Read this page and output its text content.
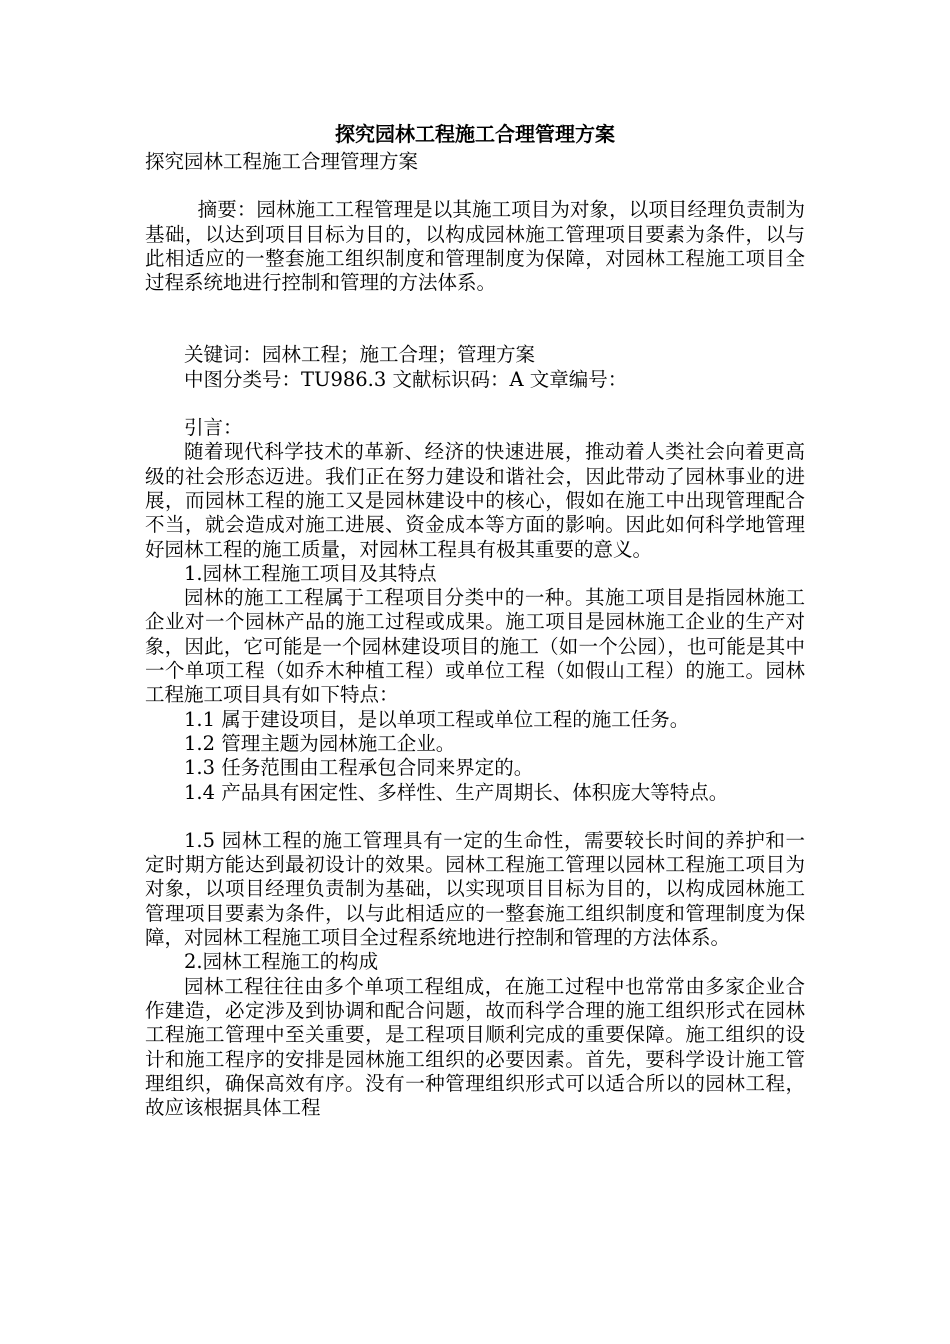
探究园林工程施工合理管理方案
探究园林工程施工合理管理方案
摘要：园林施工工程管理是以其施工项目为对象，以项目经理负责制为基础，以达到项目目标为目的，以构成园林施工管理项目要素为条件，以与此相适应的一整套施工组织制度和管理制度为保障，对园林工程施工项目全过程系统地进行控制和管理的方法体系。
关键词：园林工程；施工合理；管理方案
中图分类号：TU986.3 文献标识码：A 文章编号：
引言：
随着现代科学技术的革新、经济的快速进展，推动着人类社会向着更高级的社会形态迈进。我们正在努力建设和谐社会，因此带动了园林事业的进展，而园林工程的施工又是园林建设中的核心，假如在施工中出现管理配合不当，就会造成对施工进展、资金成本等方面的影响。因此如何科学地管理好园林工程的施工质量，对园林工程具有极其重要的意义。
1.园林工程施工项目及其特点
园林的施工工程属于工程项目分类中的一种。其施工项目是指园林施工企业对一个园林产品的施工过程或成果。施工项目是园林施工企业的生产对象，因此，它可能是一个园林建设项目的施工（如一个公园），也可能是其中一个单项工程（如乔木种植工程）或单位工程（如假山工程）的施工。园林工程施工项目具有如下特点：
1.1 属于建设项目，是以单项工程或单位工程的施工任务。
1.2 管理主题为园林施工企业。
1.3 任务范围由工程承包合同来界定的。
1.4 产品具有困定性、多样性、生产周期长、体积庞大等特点。
1.5 园林工程的施工管理具有一定的生命性，需要较长时间的养护和一定时期方能达到最初设计的效果。园林工程施工管理以园林工程施工项目为对象，以项目经理负责制为基础，以实现项目目标为目的，以构成园林施工管理项目要素为条件，以与此相适应的一整套施工组织制度和管理制度为保障，对园林工程施工项目全过程系统地进行控制和管理的方法体系。
2.园林工程施工的构成
园林工程往往由多个单项工程组成，在施工过程中也常常由多家企业合作建造，必定涉及到协调和配合问题，故而科学合理的施工组织形式在园林工程施工管理中至关重要，是工程项目顺利完成的重要保障。施工组织的设计和施工程序的安排是园林施工组织的必要因素。首先，要科学设计施工管理组织，确保高效有序。没有一种管理组织形式可以适合所以的园林工程，故应该根据具体工程
